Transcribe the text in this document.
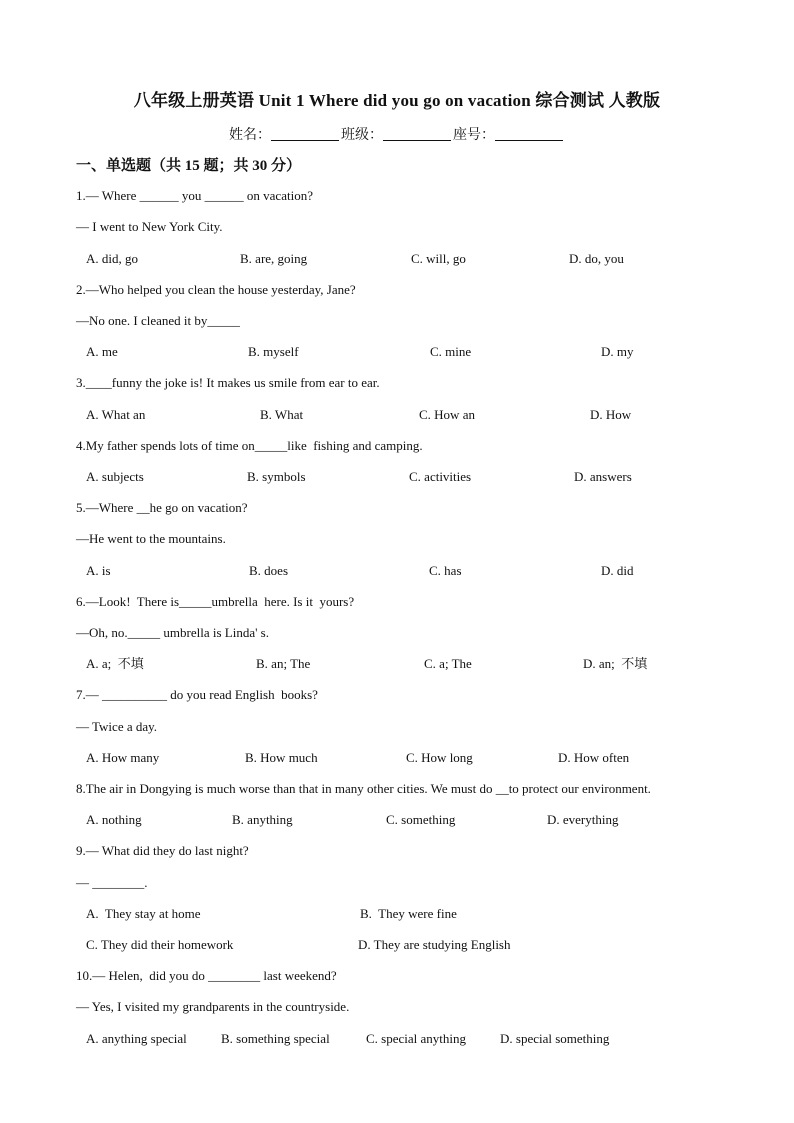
八年级上册英语 Unit 1 Where did you go on vacation 综合测试 人教版
姓名：	班级：	座号：
一、单选题（共 15 题；共 30 分）
1.— Where ______ you ______ on vacation?
— I went to New York City.
A. did, go	B. are, going	C. will, go	D. do, you
2.—Who helped you clean the house yesterday, Jane?
—No one. I cleaned it by_____
A. me	B. myself	C. mine	D. my
3.____funny the joke is! It makes us smile from ear to ear.
A. What an	B. What	C. How an	D. How
4.My father spends lots of time on_____like  fishing and camping.
A. subjects	B. symbols	C. activities	D. answers
5.—Where __he go on vacation?
—He went to the mountains.
A. is	B. does	C. has	D. did
6.—Look!  There is_____umbrella  here. Is it  yours?
—Oh, no._____ umbrella is Linda' s.
A. a;  不填	B. an; The	C. a; The	D. an;  不填
7.— __________ do you read English  books?
— Twice a day.
A. How many	B. How much	C. How long	D. How often
8.The air in Dongying is much worse than that in many other cities. We must do __to protect our environment.
A. nothing	B. anything	C. something	D. everything
9.— What did they do last night?
— ________.
A.  They stay at home	B.  They were fine
C. They did their homework	D. They are studying English
10.— Helen,  did you do ________ last weekend?
— Yes, I visited my grandparents in the countryside.
A. anything special	B. something special	C. special anything	D. special something
